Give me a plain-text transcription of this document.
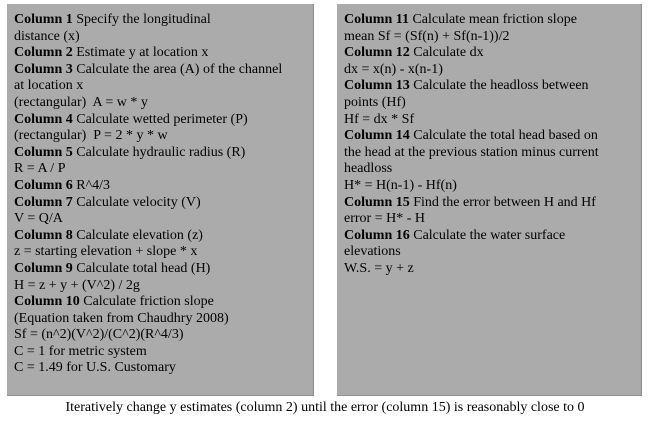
Column 1 Specify the longitudinal
distance (x)
Column 2 Estimate y at location x
Column 3 Calculate the area (A) of the channel
at location x
(rectangular)  A = w * y
Column 4 Calculate wetted perimeter (P)
(rectangular)  P = 2 * y * w
Column 5 Calculate hydraulic radius (R)
R = A / P
Column 6 R^4/3
Column 7 Calculate velocity (V)
V = Q/A
Column 8 Calculate elevation (z)
z = starting elevation + slope * x
Column 9 Calculate total head (H)
H = z + y + (V^2) / 2g
Column 10 Calculate friction slope
(Equation taken from Chaudhry 2008)
Sf = (n^2)(V^2)/(C^2)(R^4/3)
C = 1 for metric system
C = 1.49 for U.S. Customary
Column 11 Calculate mean friction slope
mean Sf = (Sf(n) + Sf(n-1))/2
Column 12 Calculate dx
dx = x(n) - x(n-1)
Column 13 Calculate the headloss between
points (Hf)
Hf = dx * Sf
Column 14 Calculate the total head based on
the head at the previous station minus current
headloss
H* = H(n-1) - Hf(n)
Column 15 Find the error between H and Hf
error = H* - H
Column 16 Calculate the water surface
elevations
W.S. = y + z
Iteratively change y estimates (column 2) until the error (column 15) is reasonably close to 0
